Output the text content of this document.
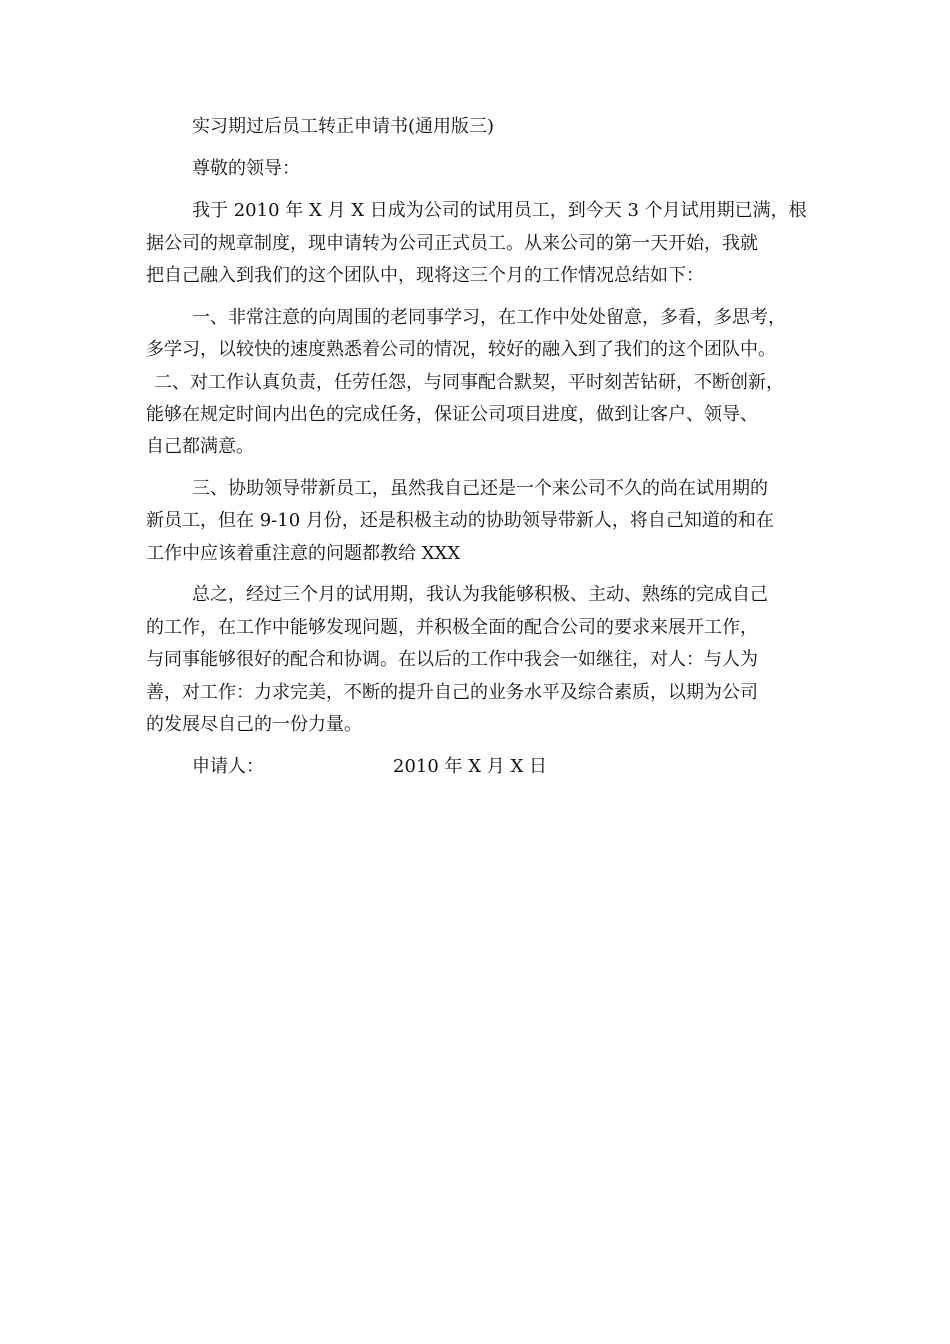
实习期过后员工转正申请书(通用版三)
尊敬的领导：
我于 2010 年 X 月 X 日成为公司的试用员工，到今天 3 个月试用期已满，根
据公司的规章制度，现申请转为公司正式员工。从来公司的第一天开始，我就
把自己融入到我们的这个团队中，现将这三个月的工作情况总结如下：
一、非常注意的向周围的老同事学习，在工作中处处留意，多看，多思考，
多学习，以较快的速度熟悉着公司的情况，较好的融入到了我们的这个团队中。
二、对工作认真负责，任劳任怨，与同事配合默契，平时刻苦钻研，不断创新，
能够在规定时间内出色的完成任务，保证公司项目进度，做到让客户、领导、
自己都满意。
三、协助领导带新员工，虽然我自己还是一个来公司不久的尚在试用期的
新员工，但在 9-10 月份，还是积极主动的协助领导带新人，将自己知道的和在
工作中应该着重注意的问题都教给 XXX
总之，经过三个月的试用期，我认为我能够积极、主动、熟练的完成自己
的工作，在工作中能够发现问题，并积极全面的配合公司的要求来展开工作，
与同事能够很好的配合和协调。在以后的工作中我会一如继往，对人：与人为
善，对工作：力求完美，不断的提升自己的业务水平及综合素质，以期为公司
的发展尽自己的一份力量。
申请人：	2010 年 X 月 X 日
